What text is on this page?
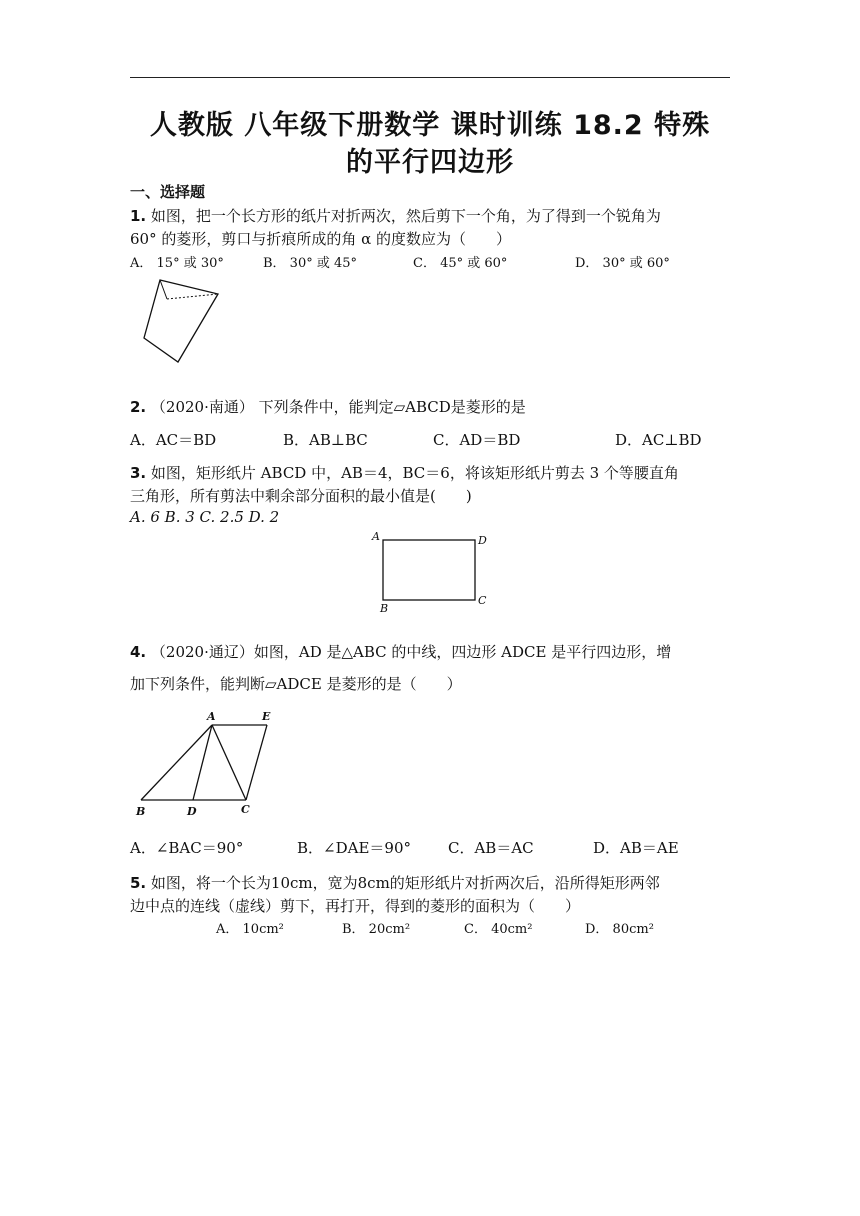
人教版 八年级下册数学 课时训练 18.2 特殊
的平行四边形
一、选择题
1. 如图，把一个长方形的纸片对折两次，然后剪下一个角，为了得到一个锐角为
60° 的菱形，剪口与折痕所成的角 α 的度数应为（　　）
A． 15° 或 30°	B． 30° 或 45°	C． 45° 或 60°	D． 30° 或 60°
2. （2020·南通） 下列条件中，能判定▱ABCD是菱形的是
A．AC＝BD	B．AB⊥BC	C．AD＝BD	D．AC⊥BD
3. 如图，矩形纸片 ABCD 中，AB＝4，BC＝6，将该矩形纸片剪去 3 个等腰直角
三角形，所有剪法中剩余部分面积的最小值是(　　)
A. 6 B. 3 C. 2.5 D. 2
A	D
B
C
4. （2020·通辽）如图，AD 是△ABC 的中线，四边形 ADCE 是平行四边形，增
加下列条件，能判断▱ADCE 是菱形的是（　　）
A	E
B	D	C
A．∠BAC＝90°	B．∠DAE＝90° C．AB＝AC	D．AB＝AE
5. 如图，将一个长为10cm，宽为8cm的矩形纸片对折两次后，沿所得矩形两邻
边中点的连线（虚线）剪下，再打开，得到的菱形的面积为（　　）
A． 10cm²	B． 20cm²	C． 40cm²	D． 80cm²
